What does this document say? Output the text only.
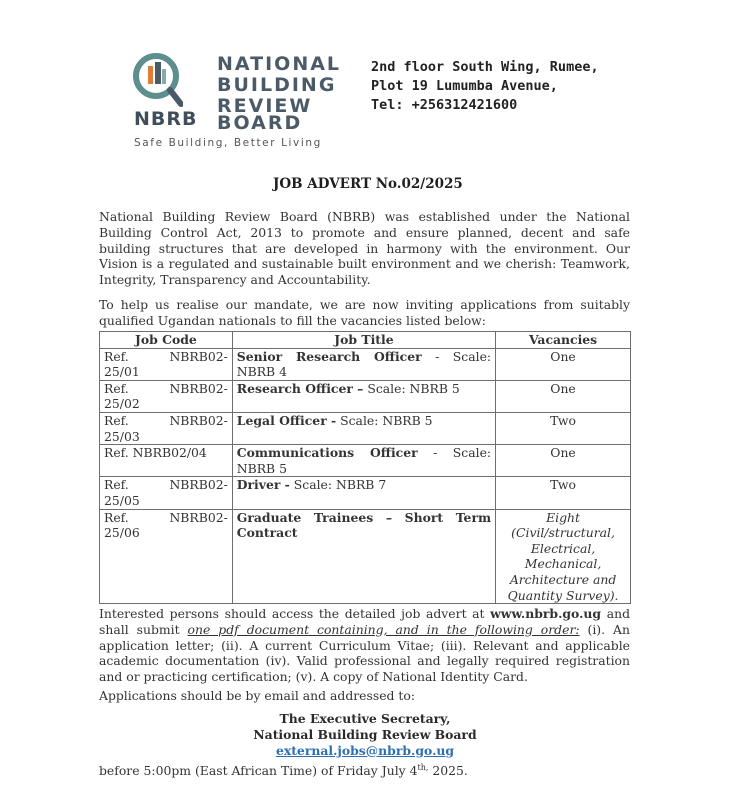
NATIONAL
BUILDING
REVIEW
NBRB BOARD
Safe Building, Better Living
2nd floor South Wing, Rumee,
Plot 19 Lumumba Avenue,
Tel: +256312421600
JOB ADVERT No.02/2025
National Building Review Board (NBRB) was established under the National Building Control Act, 2013 to promote and ensure planned, decent and safe building structures that are developed in harmony with the environment. Our Vision is a regulated and sustainable built environment and we cherish: Teamwork, Integrity, Transparency and Accountability.
To help us realise our mandate, we are now inviting applications from suitably qualified Ugandan nationals to fill the vacancies listed below:
Job Code	Job Title	Vacancies

Ref. NBRB02-
25/01	Senior Research Officer - Scale: NBRB 4	One

Ref. NBRB02-
25/02	Research Officer – Scale: NBRB 5	One

Ref. NBRB02-
25/03	Legal Officer - Scale: NBRB 5	Two

Ref. NBRB02/04	Communications Officer - Scale: NBRB 5	One

Ref. NBRB02-
25/05	Driver - Scale: NBRB 7	Two

Ref. NBRB02-
25/06	Graduate Trainees – Short Term Contract	Eight (Civil/structural, Electrical, Mechanical, Architecture and Quantity Survey).
Interested persons should access the detailed job advert at www.nbrb.go.ug and shall submit one pdf document containing, and in the following order: (i). An application letter; (ii). A current Curriculum Vitae; (iii). Relevant and applicable academic documentation (iv). Valid professional and legally required registration and or practicing certification; (v). A copy of National Identity Card.
Applications should be by email and addressed to:
The Executive Secretary,
National Building Review Board
external.jobs@nbrb.go.ug
before 5:00pm (East African Time) of Friday July $4^{th,}$ 2025.
